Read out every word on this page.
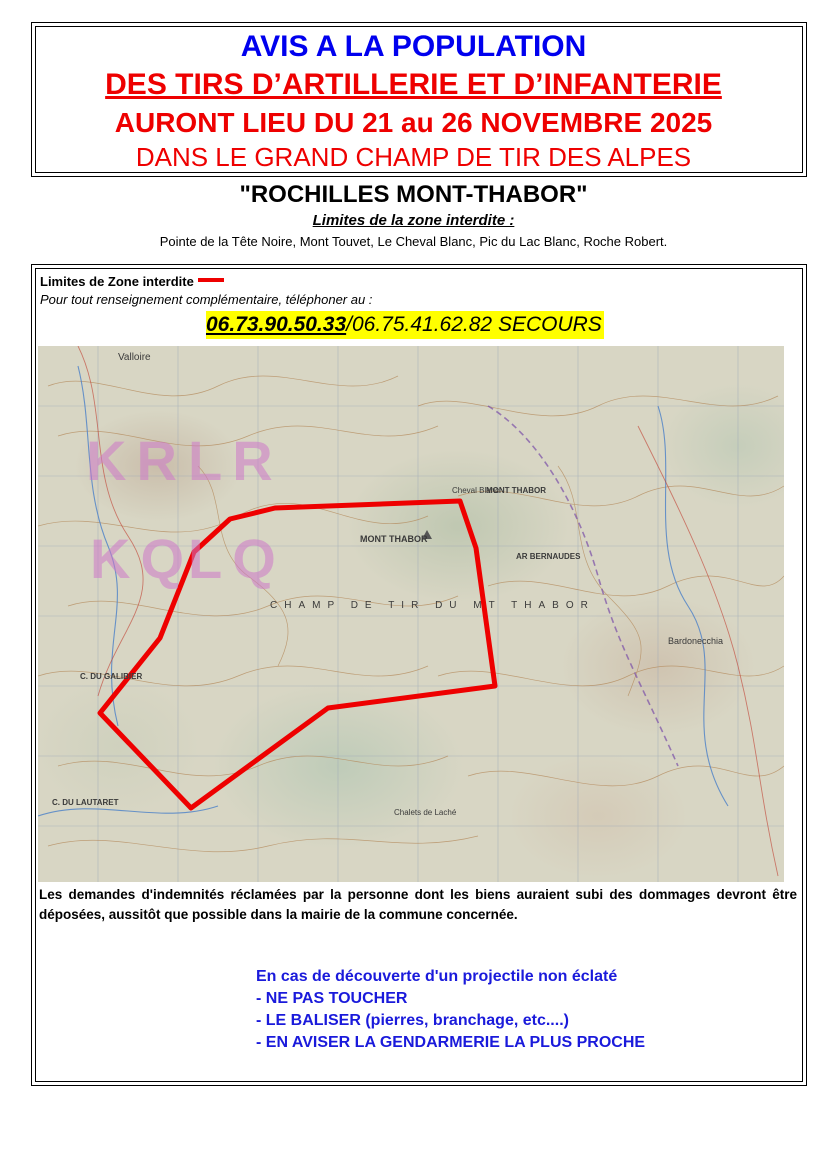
AVIS A LA POPULATION
DES TIRS D’ARTILLERIE ET D’INFANTERIE
AURONT LIEU DU 21 au 26 NOVEMBRE 2025
DANS LE GRAND CHAMP DE TIR DES ALPES
"ROCHILLES MONT-THABOR"
Limites de la zone interdite :
Pointe de la Tête Noire, Mont Touvet, Le Cheval Blanc, Pic du Lac Blanc, Roche Robert.
Limites de Zone interdite
Pour tout renseignement complémentaire, téléphoner au :
06.73.90.50.33/06.75.41.62.82 SECOURS
KR LR
KQ
LQ
Valloire
Cheval Blanc
MONT THABOR
MONT THABOR
CHAMP DE TIR DU MT THABOR
AR BERNAUDES
Bardonecchia
C. DU GALIBIER
C. DU LAUTARET
Chalets de Laché
Les demandes d'indemnités réclamées par la personne dont les biens auraient subi des dommages devront être déposées, aussitôt que possible dans la mairie de la commune concernée.
En cas de découverte d'un projectile non éclaté
- NE PAS TOUCHER
- LE BALISER (pierres, branchage, etc....)
- EN AVISER LA GENDARMERIE LA PLUS PROCHE
